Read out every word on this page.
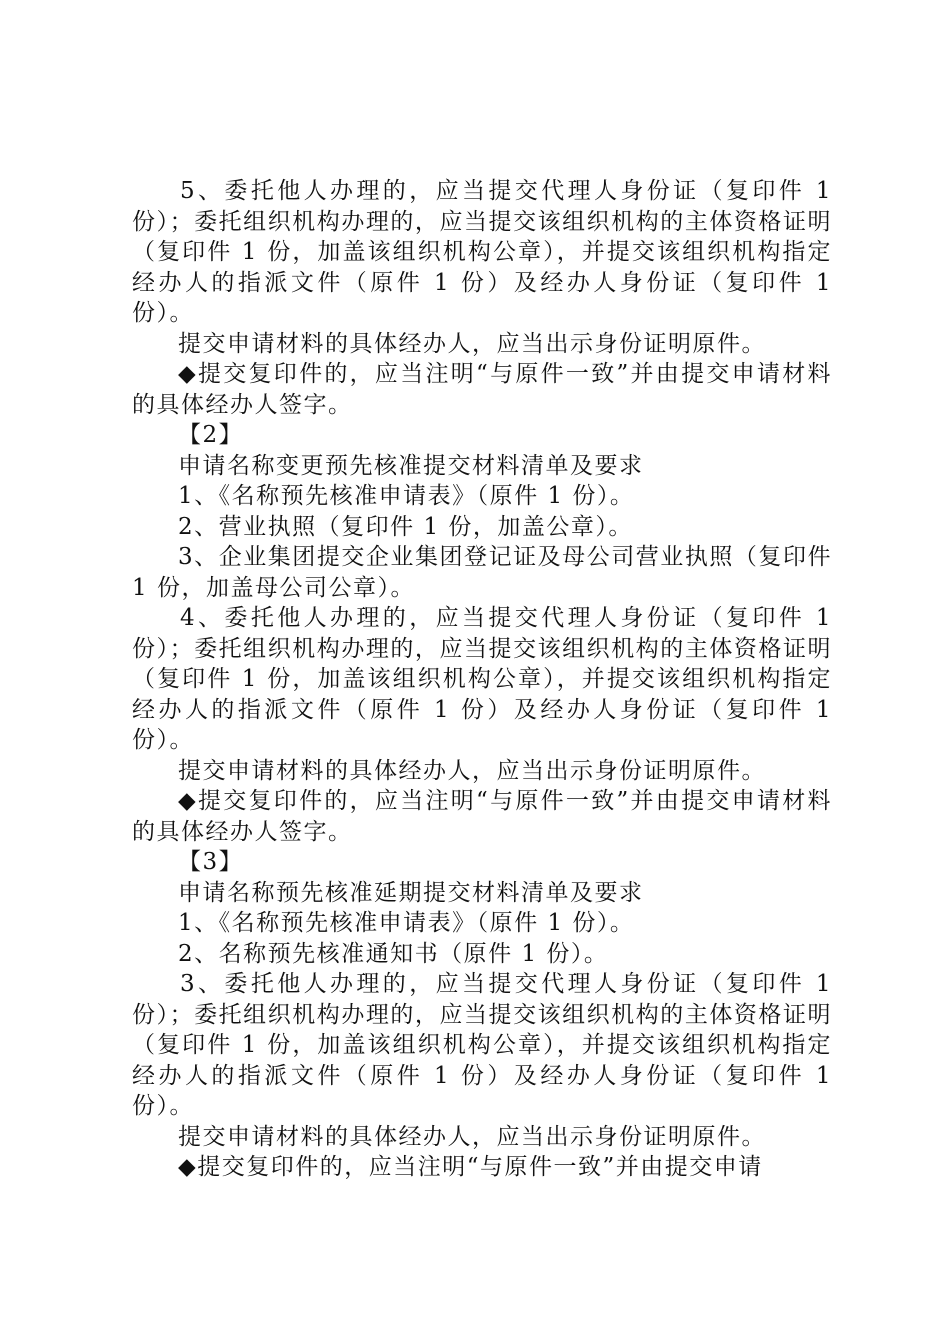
5、委托他人办理的，应当提交代理人身份证（复印件 1 份）；委托组织机构办理的，应当提交该组织机构的主体资格证明（复印件 1 份，加盖该组织机构公章），并提交该组织机构指定经办人的指派文件（原件 1 份）及经办人身份证（复印件 1 份）。

提交申请材料的具体经办人，应当出示身份证明原件。

◆提交复印件的，应当注明“与原件一致”并由提交申请材料的具体经办人签字。

【2】

申请名称变更预先核准提交材料清单及要求

1、《名称预先核准申请表》（原件 1 份）。

2、营业执照（复印件 1 份，加盖公章）。

3、企业集团提交企业集团登记证及母公司营业执照（复印件 1 份，加盖母公司公章）。

4、委托他人办理的，应当提交代理人身份证（复印件 1 份）；委托组织机构办理的，应当提交该组织机构的主体资格证明（复印件 1 份，加盖该组织机构公章），并提交该组织机构指定经办人的指派文件（原件 1 份）及经办人身份证（复印件 1 份）。

提交申请材料的具体经办人，应当出示身份证明原件。

◆提交复印件的，应当注明“与原件一致”并由提交申请材料的具体经办人签字。

【3】

申请名称预先核准延期提交材料清单及要求

1、《名称预先核准申请表》（原件 1 份）。

2、名称预先核准通知书（原件 1 份）。

3、委托他人办理的，应当提交代理人身份证（复印件 1 份）；委托组织机构办理的，应当提交该组织机构的主体资格证明（复印件 1 份，加盖该组织机构公章），并提交该组织机构指定经办人的指派文件（原件 1 份）及经办人身份证（复印件 1 份）。

提交申请材料的具体经办人，应当出示身份证明原件。

◆提交复印件的，应当注明“与原件一致”并由提交申请
